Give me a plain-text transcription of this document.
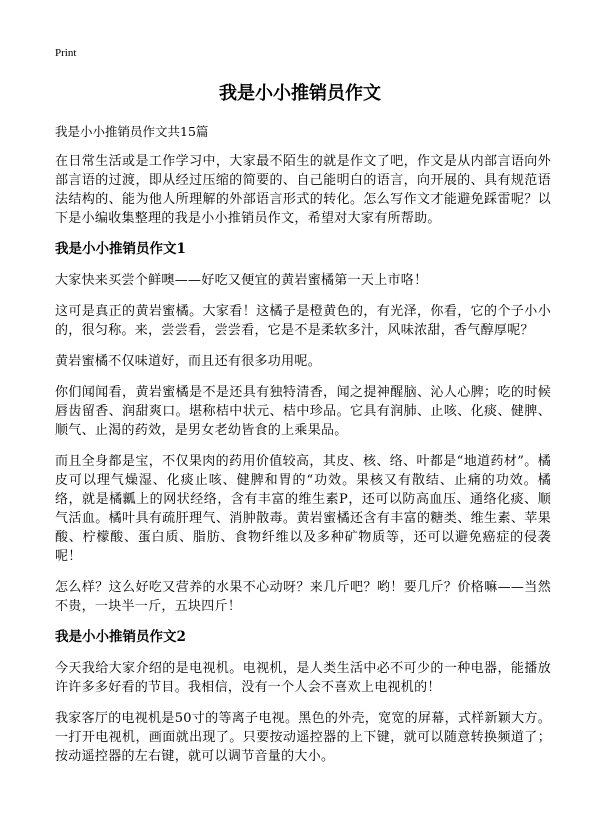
Print
我是小小推销员作文

我是小小推销员作文共15篇

在日常生活或是工作学习中，大家最不陌生的就是作文了吧，作文是从内部言语向外部言语的过渡，即从经过压缩的简要的、自己能明白的语言，向开展的、具有规范语法结构的、能为他人所理解的外部语言形式的转化。怎么写作文才能避免踩雷呢？以下是小编收集整理的我是小小推销员作文，希望对大家有所帮助。

我是小小推销员作文1

大家快来买尝个鲜噢——好吃又便宜的黄岩蜜橘第一天上市咯！

这可是真正的黄岩蜜橘。大家看！这橘子是橙黄色的，有光泽，你看，它的个子小小的，很匀称。来，尝尝看，尝尝看，它是不是柔软多汁，风味浓甜，香气醇厚呢？

黄岩蜜橘不仅味道好，而且还有很多功用呢。

你们闻闻看，黄岩蜜橘是不是还具有独特清香，闻之提神醒脑、沁人心脾；吃的时候唇齿留香、润甜爽口。堪称桔中状元、桔中珍品。它具有润肺、止咳、化痰、健脾、顺气、止渴的药效，是男女老幼皆食的上乘果品。

而且全身都是宝，不仅果肉的药用价值较高，其皮、核、络、叶都是“地道药材”。橘皮可以理气燥湿、化痰止咳、健脾和胃的“功效。果核又有散结、止痛的功效。橘络，就是橘瓤上的网状经络，含有丰富的维生素P，还可以防高血压、通络化痰、顺气活血。橘叶具有疏肝理气、消肿散毒。黄岩蜜橘还含有丰富的糖类、维生素、苹果酸、柠檬酸、蛋白质、脂肪、食物纤维以及多种矿物质等，还可以避免癌症的侵袭呢！

怎么样？这么好吃又营养的水果不心动呀？来几斤吧？哟！要几斤？价格嘛——当然不贵，一块半一斤，五块四斤！

我是小小推销员作文2

今天我给大家介绍的是电视机。电视机，是人类生活中必不可少的一种电器，能播放许许多多好看的节目。我相信，没有一个人会不喜欢上电视机的！

我家客厅的电视机是50寸的等离子电视。黑色的外壳，宽宽的屏幕，式样新颖大方。一打开电视机，画面就出现了。只要按动遥控器的上下键，就可以随意转换频道了；按动遥控器的左右键，就可以调节音量的大小。
